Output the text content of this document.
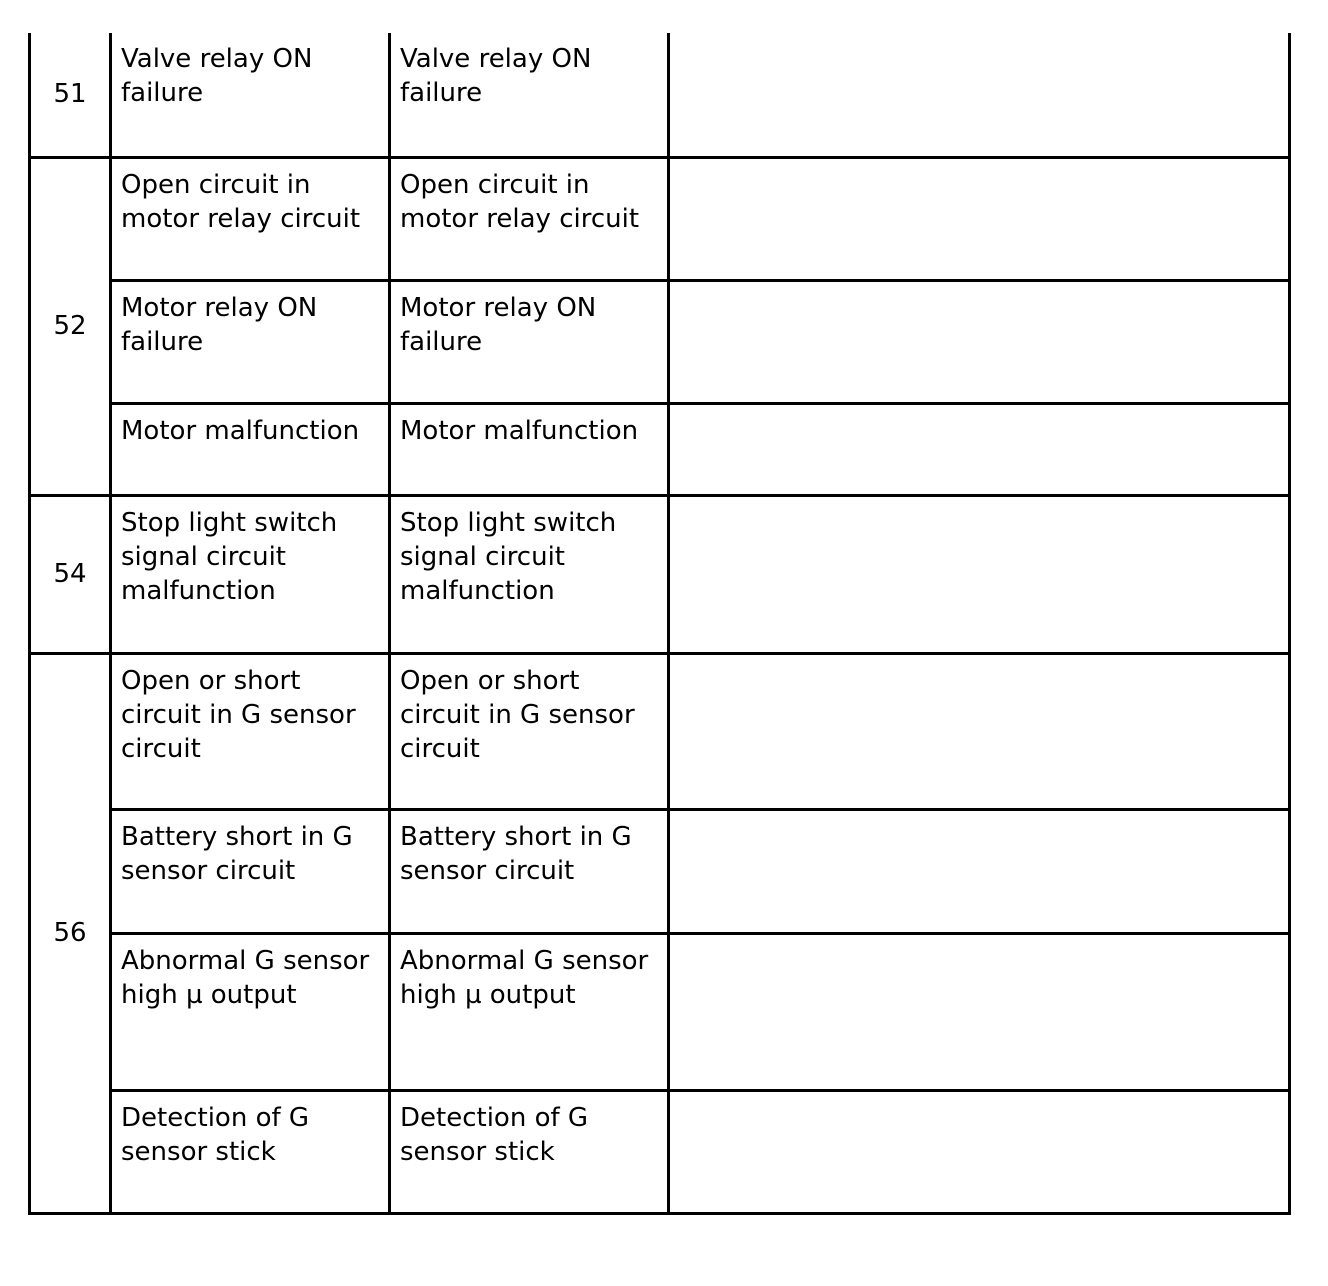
51	Valve relay ON failure	Valve relay ON failure	
52	Open circuit in motor relay circuit	Open circuit in motor relay circuit	
	Motor relay ON failure	Motor relay ON failure	
	Motor malfunction	Motor malfunction	
54	Stop light switch signal circuit malfunction	Stop light switch signal circuit malfunction	
56	Open or short circuit in G sensor circuit	Open or short circuit in G sensor circuit	
	Battery short in G sensor circuit	Battery short in G sensor circuit	
	Abnormal G sensor high µ output	Abnormal G sensor high µ output	
	Detection of G sensor stick	Detection of G sensor stick	
